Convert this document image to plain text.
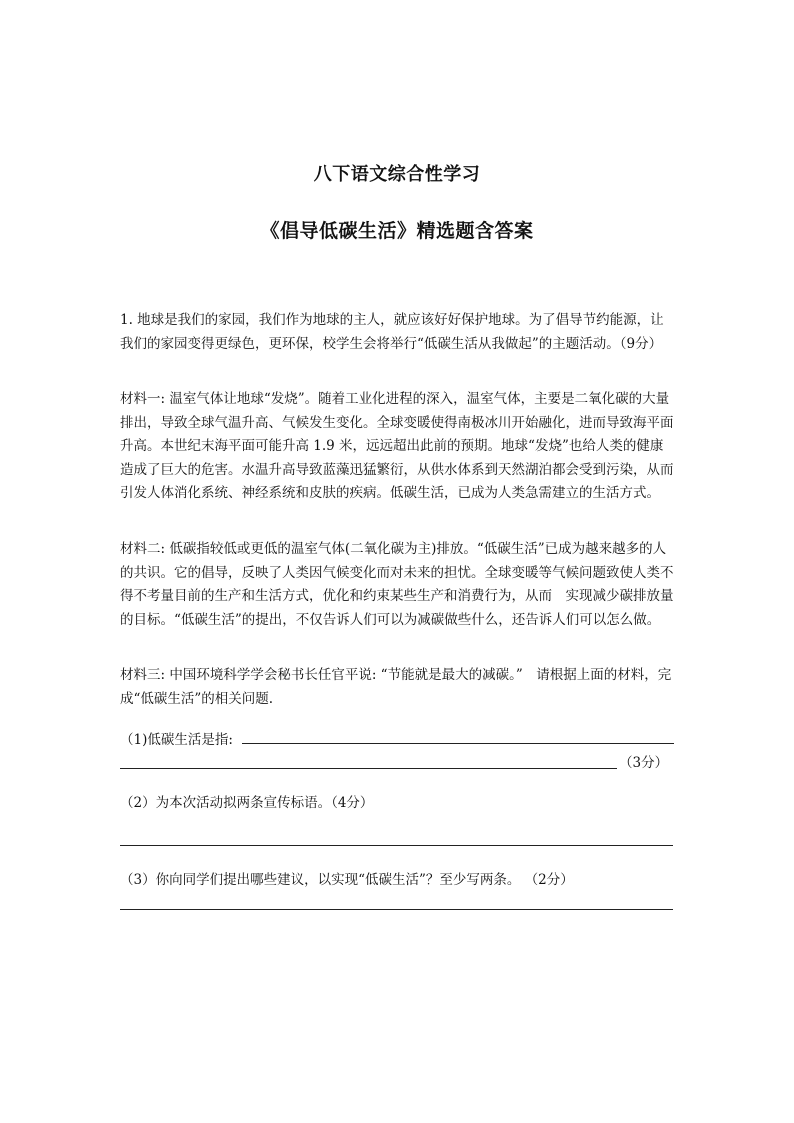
八下语文综合性学习
《倡导低碳生活》精选题含答案

1. 地球是我们的家园，我们作为地球的主人，就应该好好保护地球。为了倡导节约能源，让我们的家园变得更绿色，更环保，校学生会将举行“低碳生活从我做起”的主题活动。（9分）

材料一: 温室气体让地球“发烧”。随着工业化进程的深入，温室气体，主要是二氧化碳的大量排出，导致全球气温升高、气候发生变化。全球变暖使得南极冰川开始融化，进而导致海平面升高。本世纪末海平面可能升高 1.9 米，远远超出此前的预期。地球“发烧”也给人类的健康造成了巨大的危害。水温升高导致蓝藻迅猛繁衍，从供水体系到天然湖泊都会受到污染，从而引发人体消化系统、神经系统和皮肤的疾病。低碳生活，已成为人类急需建立的生活方式。

材料二: 低碳指较低或更低的温室气体(二氧化碳为主)排放。“低碳生活”已成为越来越多的人的共识。它的倡导，反映了人类因气候变化而对未来的担忧。全球变暖等气候问题致使人类不得不考量目前的生产和生活方式，优化和约束某些生产和消费行为，从而　实现减少碳排放量的目标。“低碳生活”的提出，不仅告诉人们可以为减碳做些什么，还告诉人们可以怎么做。

材料三: 中国环境科学学会秘书长任官平说: “节能就是最大的减碳。”　请根据上面的材料，完成“低碳生活”的相关问题.

（1)低碳生活是指:
（3分）
（2）为本次活动拟两条宣传标语。（4分）
（3）你向同学们提出哪些建议，以实现“低碳生活”？至少写两条。 （2分）
